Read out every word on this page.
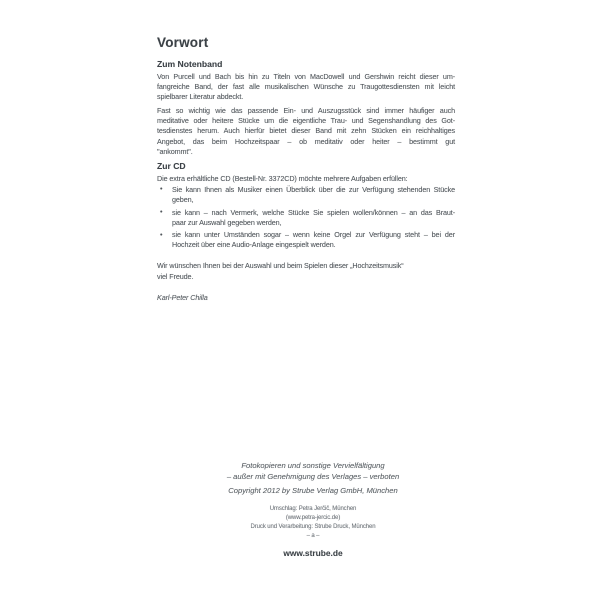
Vorwort
Zum Notenband
Von Purcell und Bach bis hin zu Titeln von MacDowell und Gershwin reicht dieser um-
fangreiche Band, der fast alle musikalischen Wünsche zu Traugottesdiensten mit leicht
spielbarer Literatur abdeckt.
Fast so wichtig wie das passende Ein- und Auszugsstück sind immer häufiger auch
meditative oder heitere Stücke um die eigentliche Trau- und Segenshandlung des Got-
tesdienstes herum. Auch hierfür bietet dieser Band mit zehn Stücken ein reichhaltiges
Angebot, das beim Hochzeitspaar – ob meditativ oder heiter – bestimmt gut
"ankommt".
Zur CD
Die extra erhältliche CD (Bestell-Nr. 3372CD) möchte mehrere Aufgaben erfüllen:
• Sie kann Ihnen als Musiker einen Überblick über die zur Verfügung stehenden Stücke
geben,
• sie kann – nach Vermerk, welche Stücke Sie spielen wollen/können – an das Braut-
paar zur Auswahl gegeben werden,
• sie kann unter Umständen sogar – wenn keine Orgel zur Verfügung steht – bei der
Hochzeit über eine Audio-Anlage eingespielt werden.
Wir wünschen Ihnen bei der Auswahl und beim Spielen dieser „Hochzeitsmusik“
viel Freude.
Karl-Peter Chilla
Fotokopieren und sonstige Vervielfältigung
– außer mit Genehmigung des Verlages – verboten
Copyright 2012 by Strube Verlag GmbH, München
Umschlag: Petra Jerčič, München
(www.petra-jercic.de)
Druck und Verarbeitung: Strube Druck, München
– a –
www.strube.de
